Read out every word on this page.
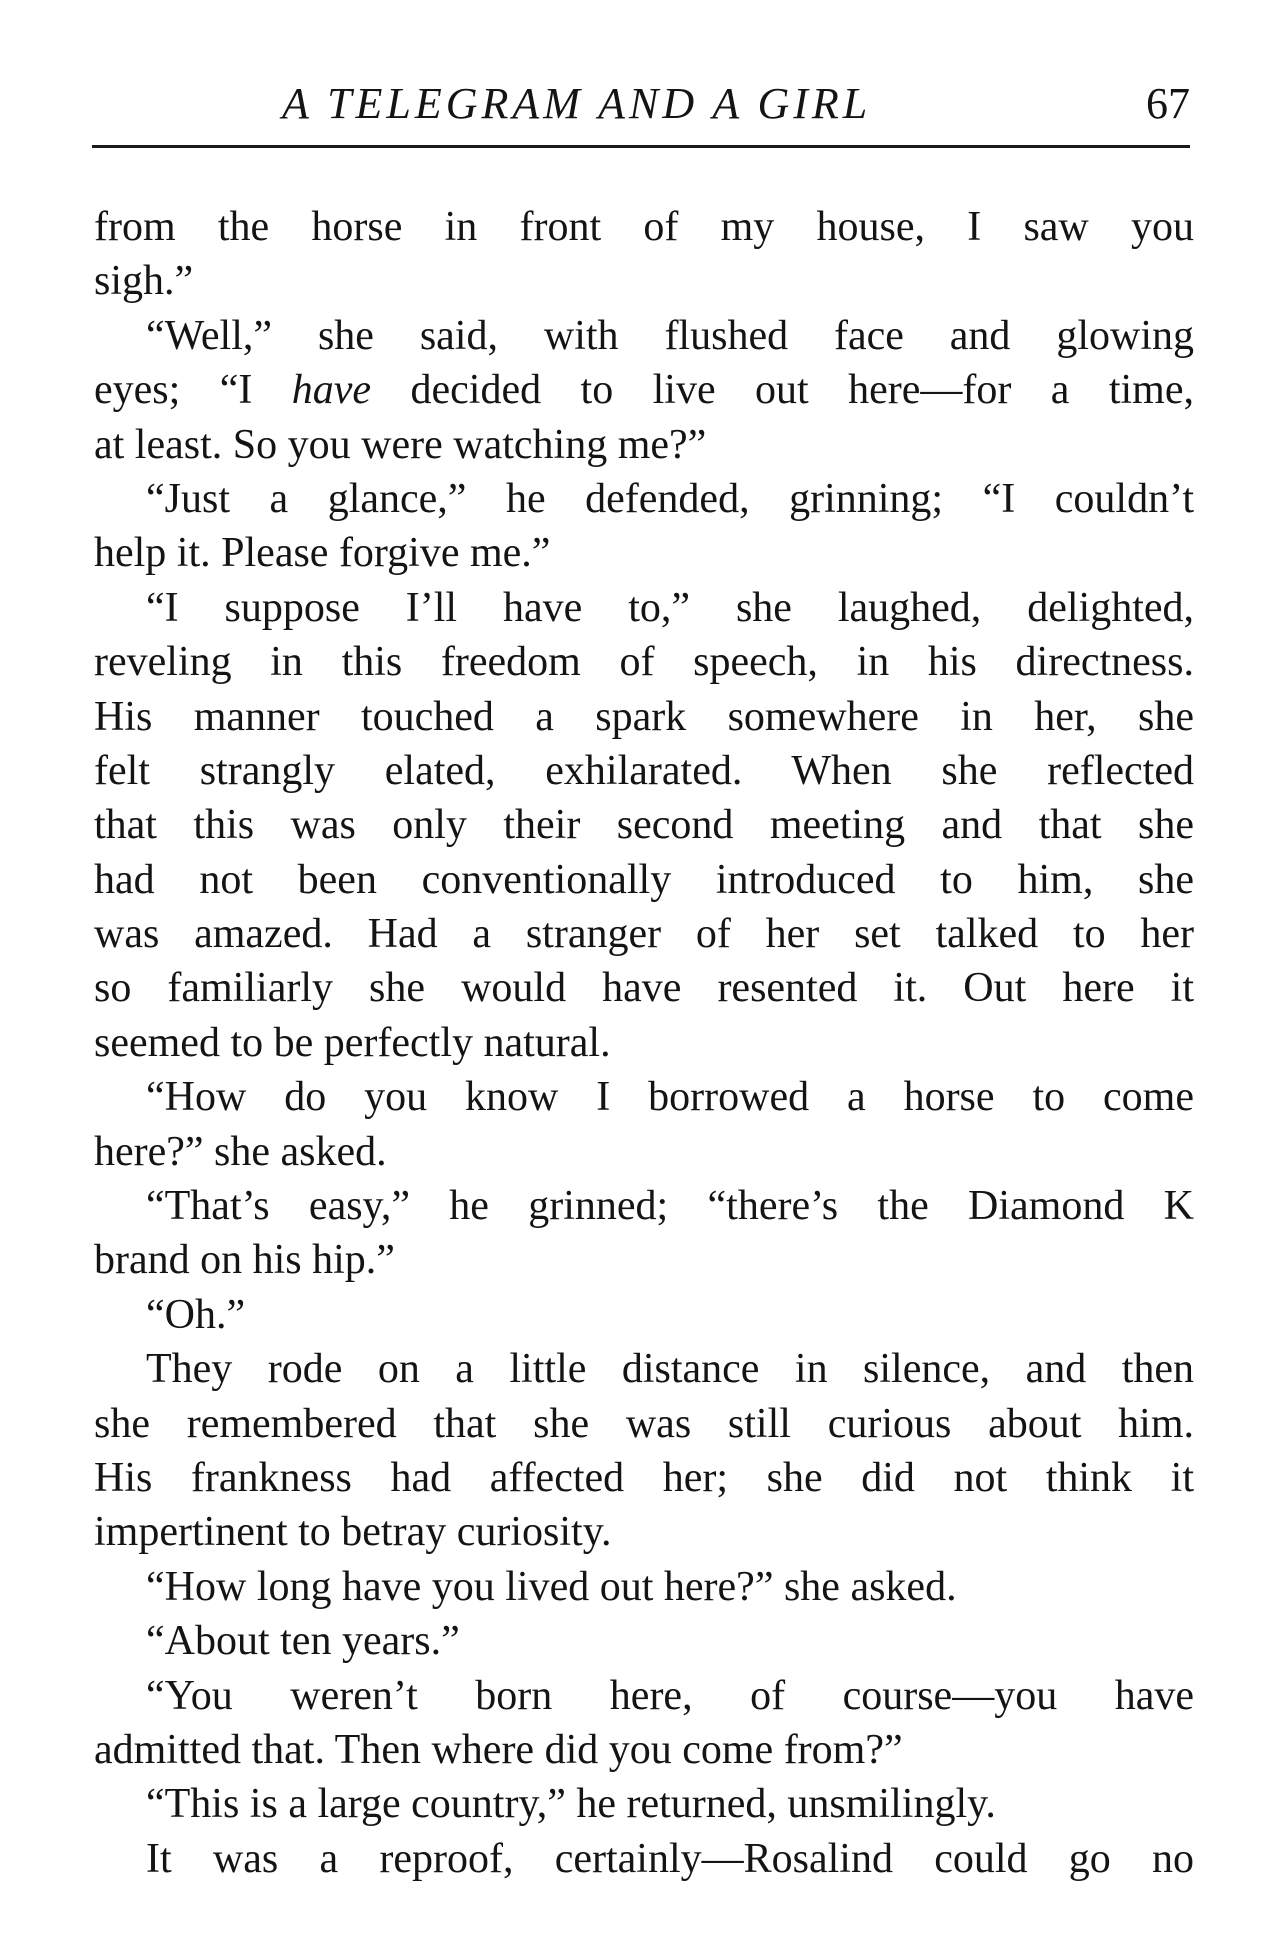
A TELEGRAM AND A GIRL	67
from the horse in front of my house, I saw you
sigh.”
“Well,” she said, with flushed face and glowing
eyes; “I have decided to live out here—for a time,
at least. So you were watching me?”
“Just a glance,” he defended, grinning; “I couldn’t
help it. Please forgive me.”
“I suppose I’ll have to,” she laughed, delighted,
reveling in this freedom of speech, in his directness.
His manner touched a spark somewhere in her, she
felt strangly elated, exhilarated. When she reflected
that this was only their second meeting and that she
had not been conventionally introduced to him, she
was amazed. Had a stranger of her set talked to her
so familiarly she would have resented it. Out here it
seemed to be perfectly natural.
“How do you know I borrowed a horse to come
here?” she asked.
“That’s easy,” he grinned; “there’s the Diamond K
brand on his hip.”
“Oh.”
They rode on a little distance in silence, and then
she remembered that she was still curious about him.
His frankness had affected her; she did not think it
impertinent to betray curiosity.
“How long have you lived out here?” she asked.
“About ten years.”
“You weren’t born here, of course—you have
admitted that. Then where did you come from?”
“This is a large country,” he returned, unsmilingly.
It was a reproof, certainly—Rosalind could go no
